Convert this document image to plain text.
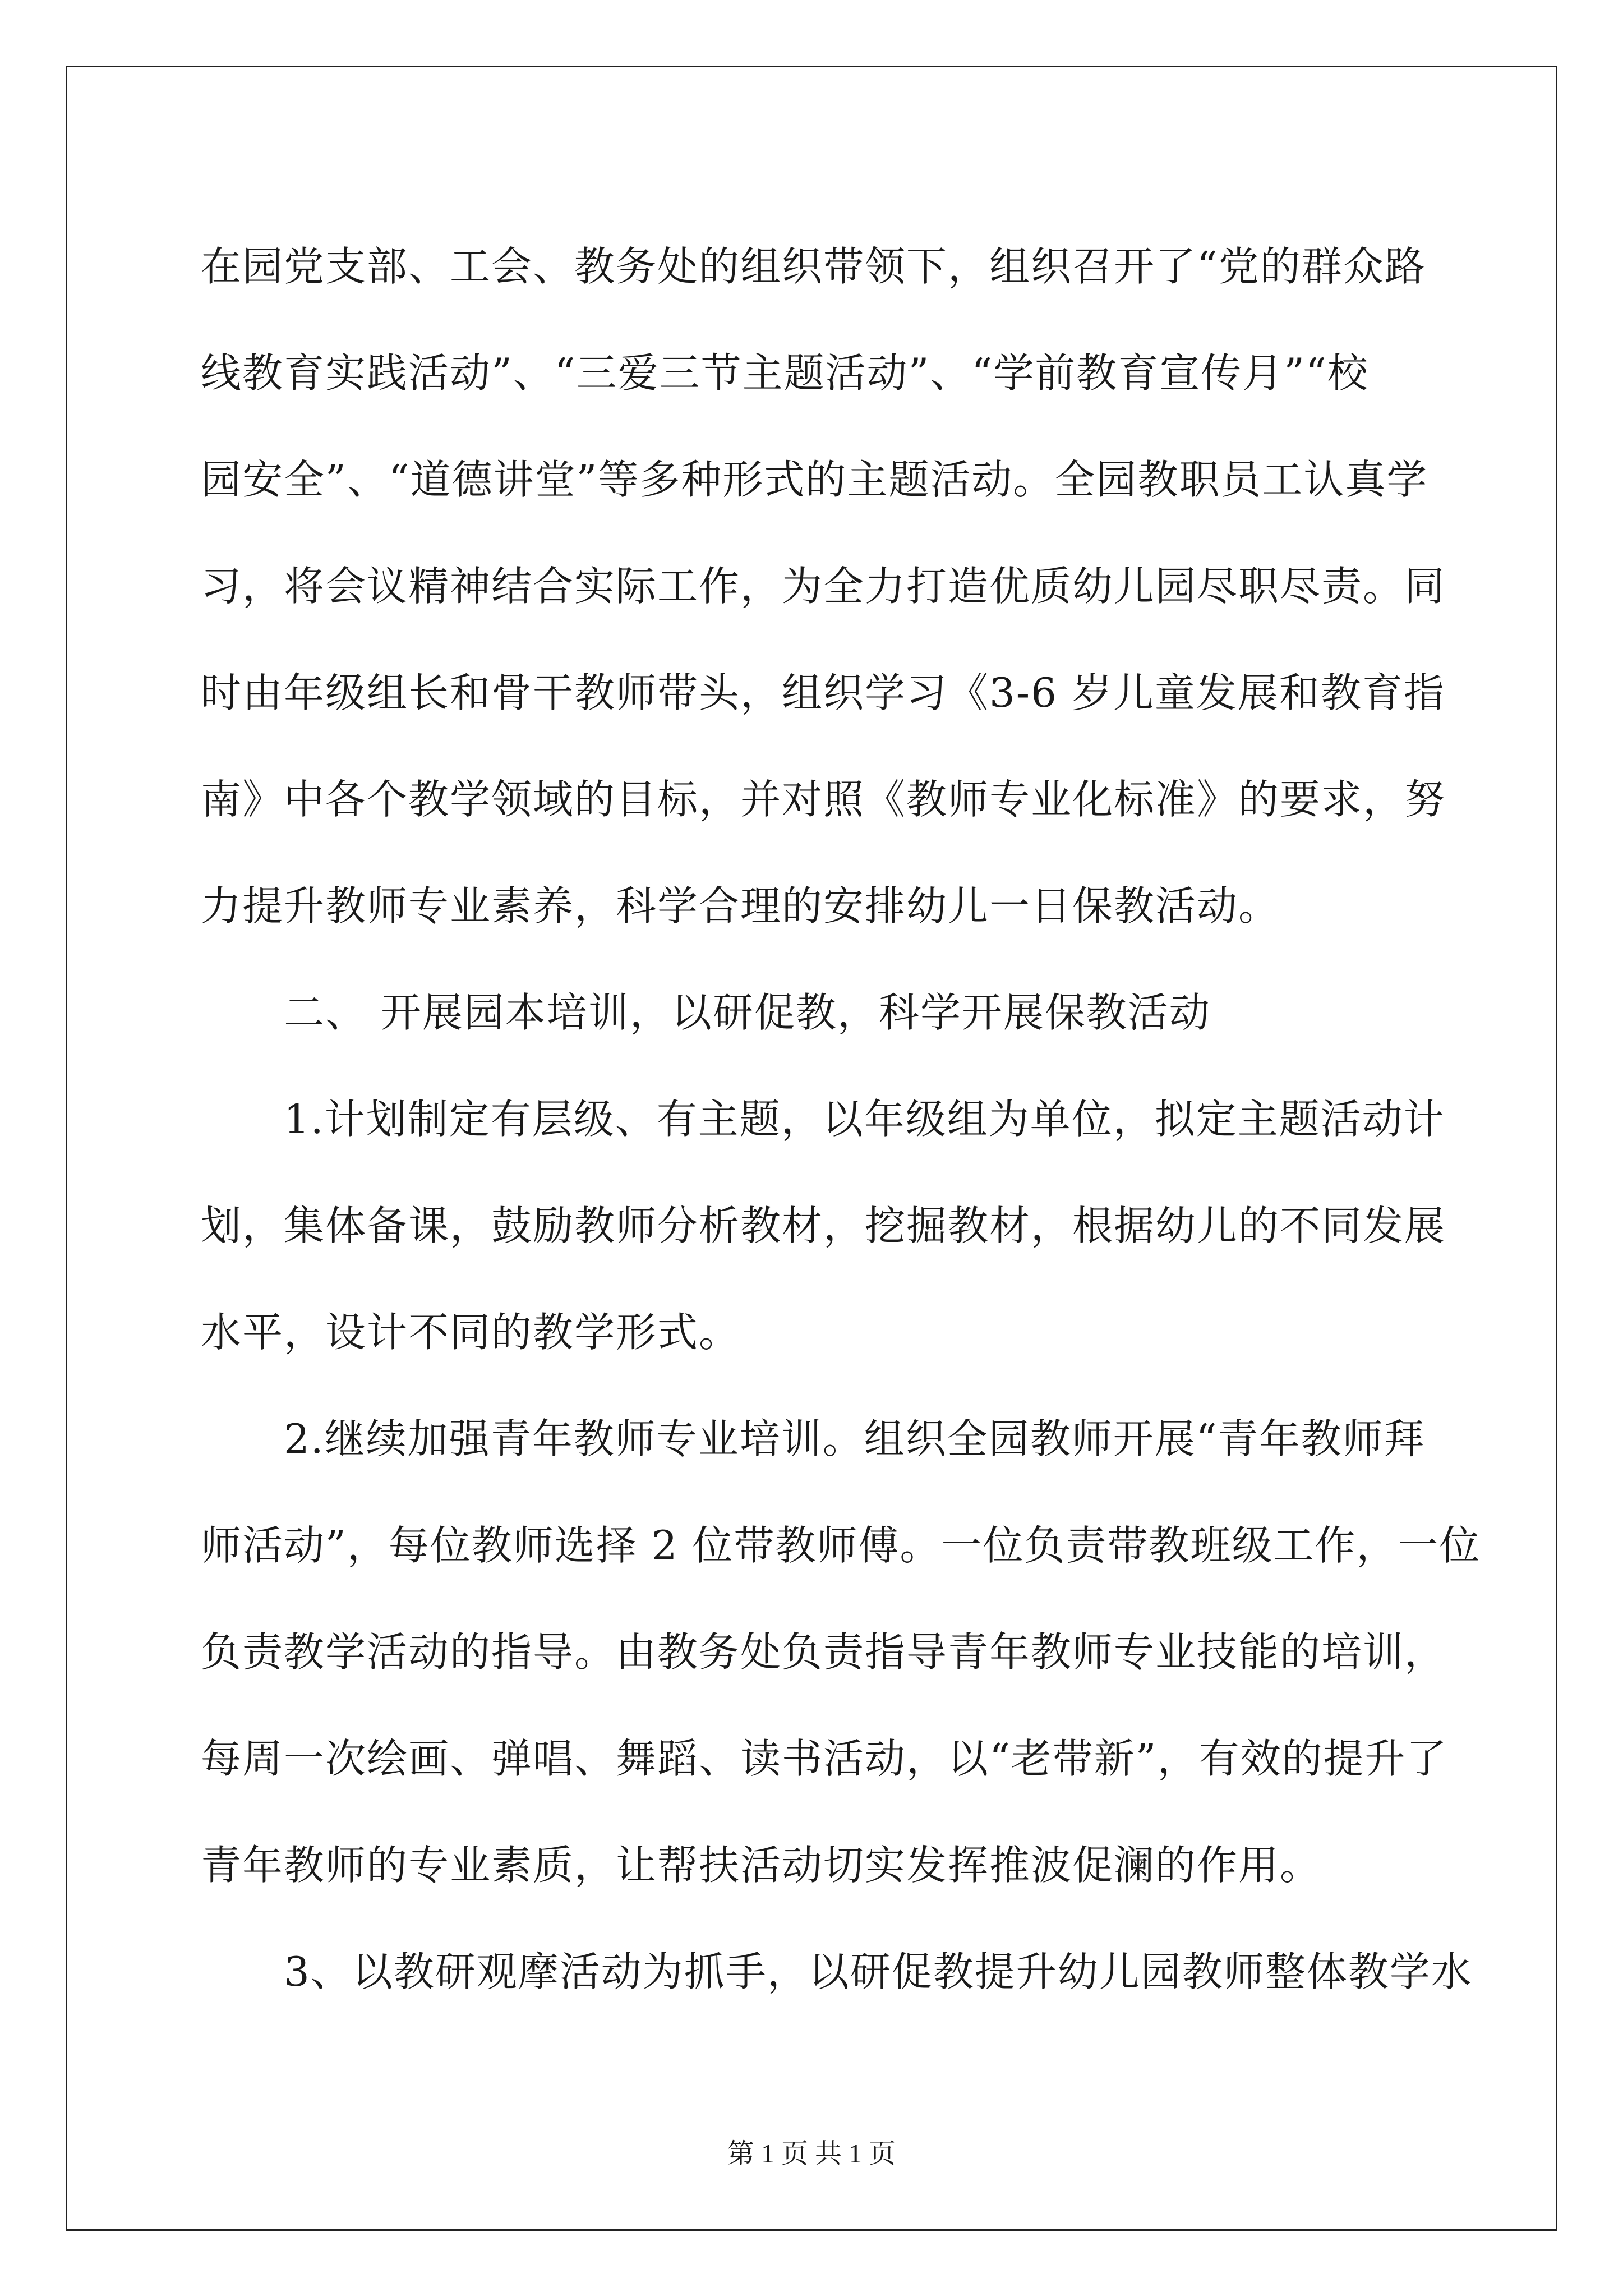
在园党支部、工会、教务处的组织带领下，组织召开了“党的群众路
线教育实践活动”、“三爱三节主题活动”、“学前教育宣传月”“校
园安全”、“道德讲堂”等多种形式的主题活动。全园教职员工认真学
习，将会议精神结合实际工作，为全力打造优质幼儿园尽职尽责。同
时由年级组长和骨干教师带头，组织学习《3-6 岁儿童发展和教育指
南》中各个教学领域的目标，并对照《教师专业化标准》的要求，努
力提升教师专业素养，科学合理的安排幼儿一日保教活动。
二、 开展园本培训，以研促教，科学开展保教活动
1.计划制定有层级、有主题，以年级组为单位，拟定主题活动计
划，集体备课，鼓励教师分析教材，挖掘教材，根据幼儿的不同发展
水平，设计不同的教学形式。
2.继续加强青年教师专业培训。组织全园教师开展“青年教师拜
师活动”，每位教师选择 2 位带教师傅。一位负责带教班级工作，一位
负责教学活动的指导。由教务处负责指导青年教师专业技能的培训，
每周一次绘画、弹唱、舞蹈、读书活动，以“老带新”，有效的提升了
青年教师的专业素质，让帮扶活动切实发挥推波促澜的作用。
3、以教研观摩活动为抓手，以研促教提升幼儿园教师整体教学水
第 1 页 共 1 页
